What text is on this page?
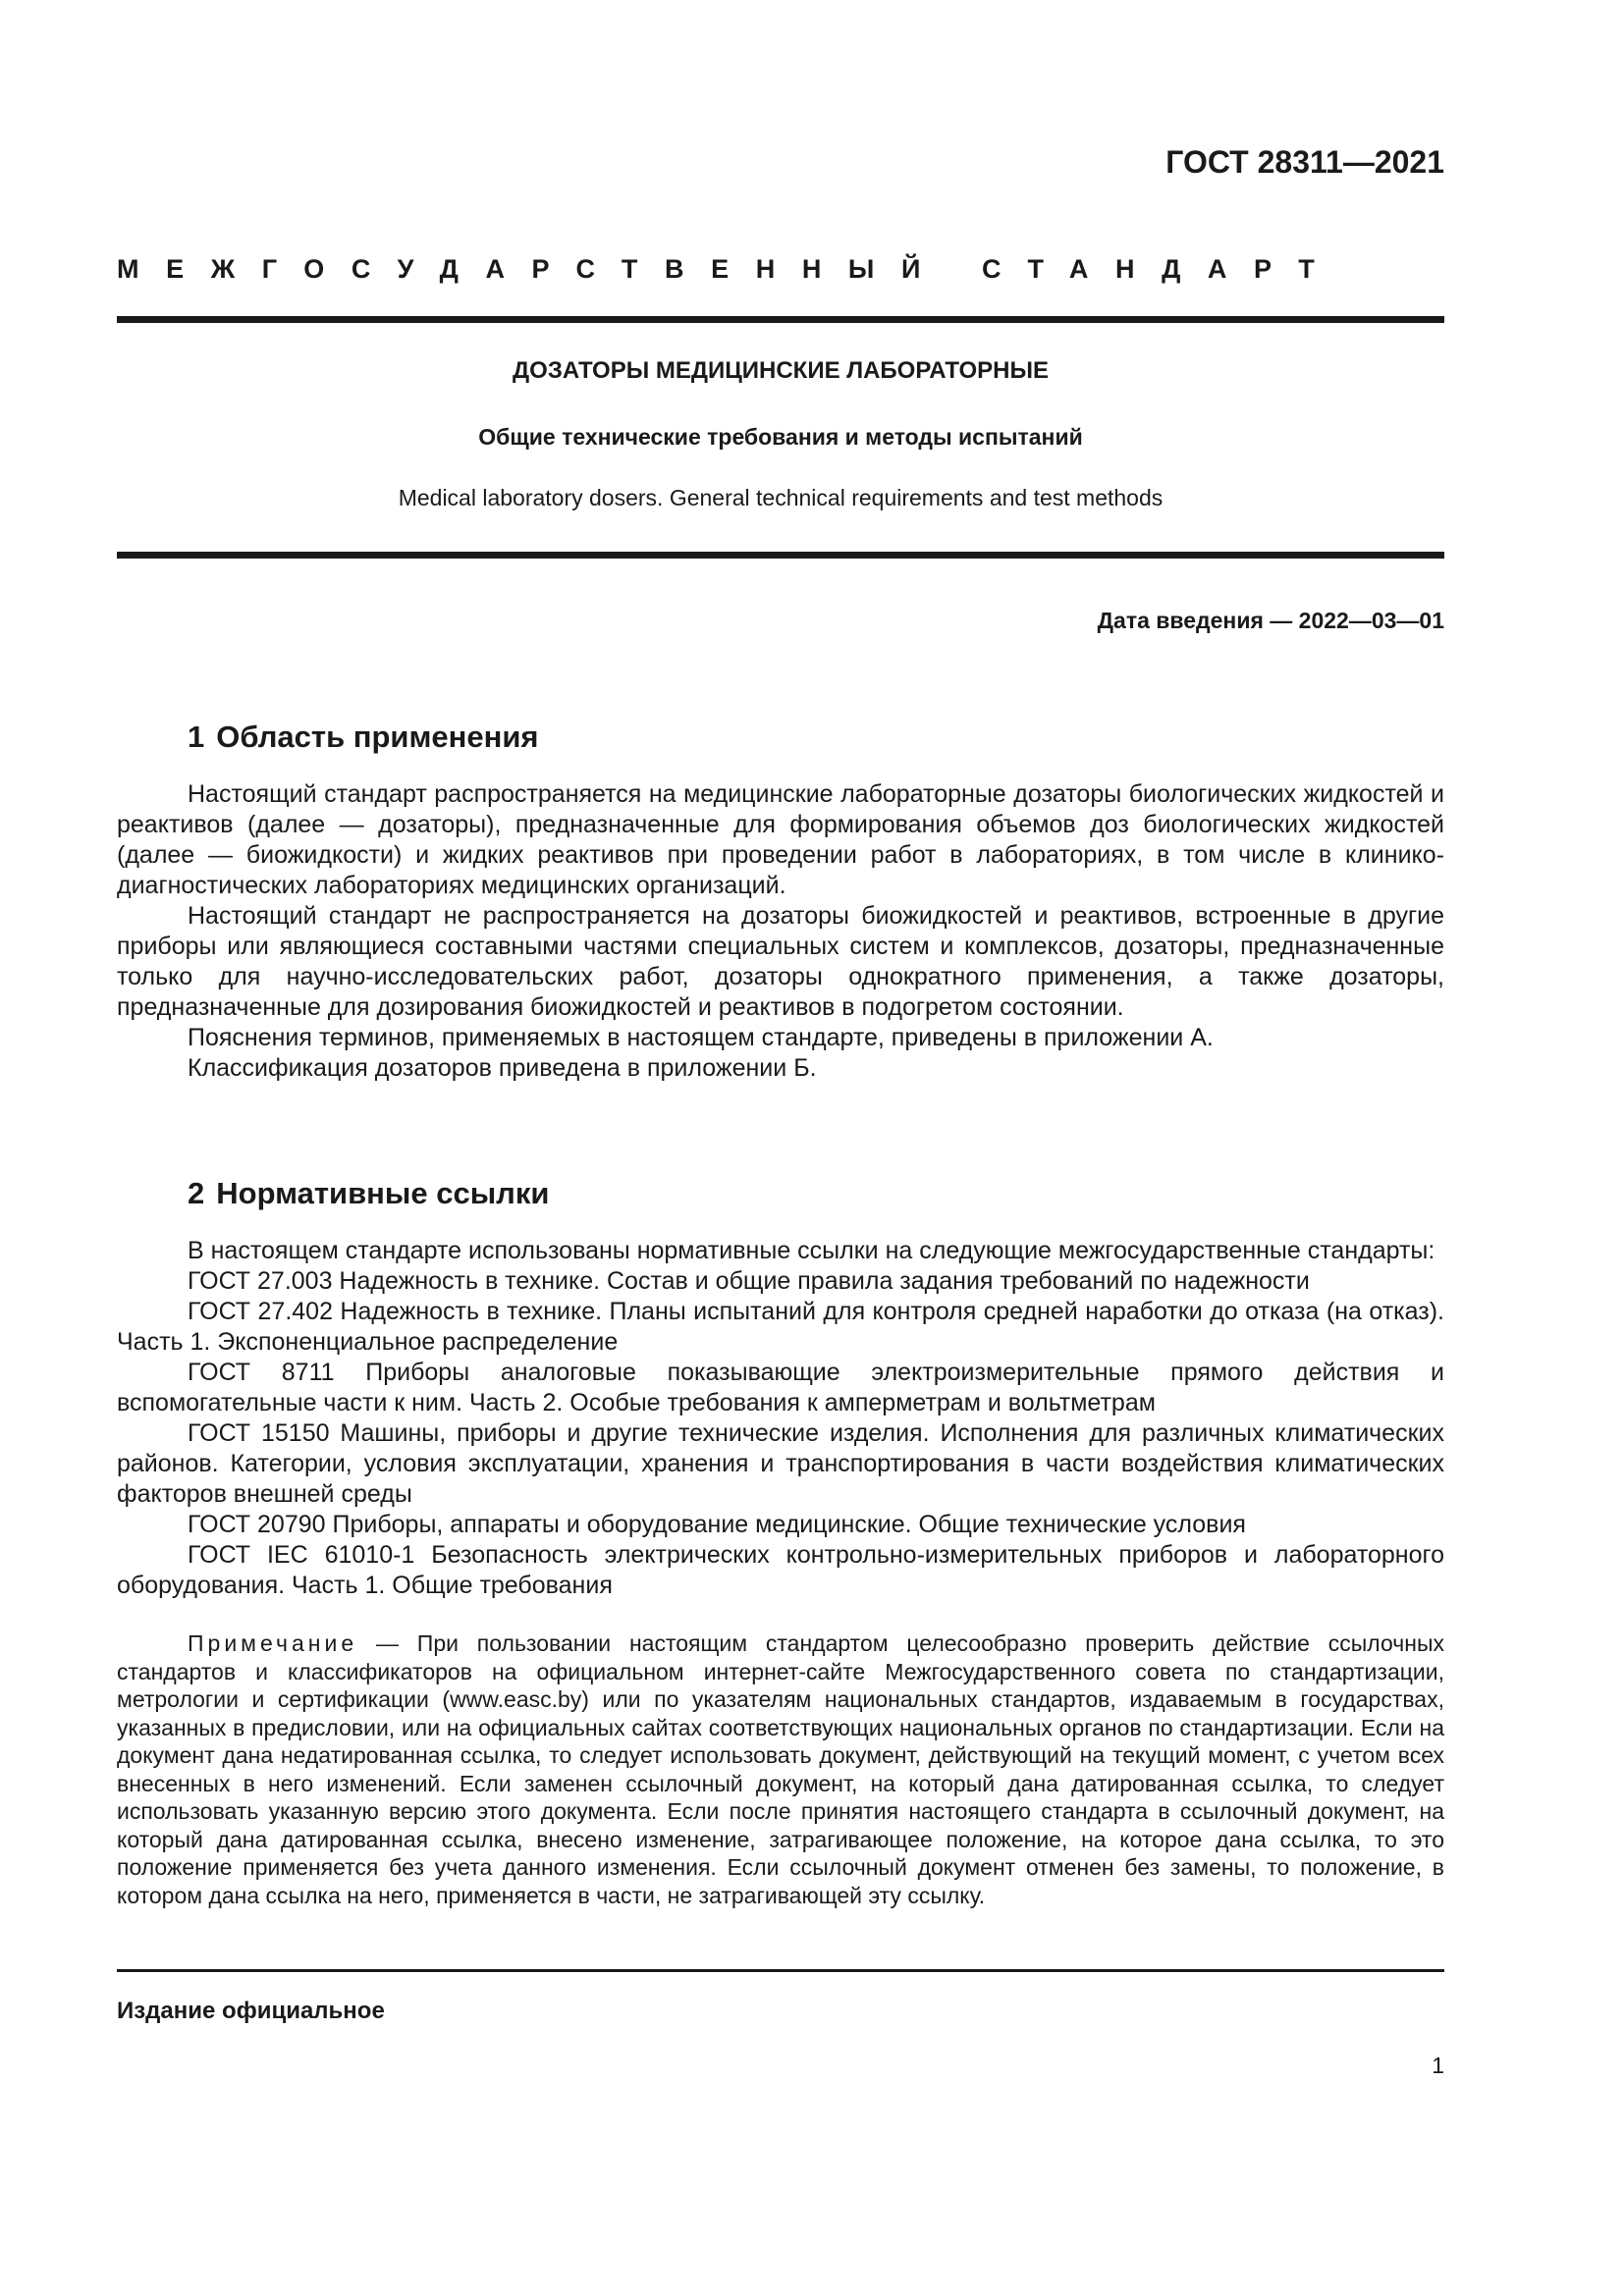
ГОСТ 28311—2021
МЕЖГОСУДАРСТВЕННЫЙ СТАНДАРТ
ДОЗАТОРЫ МЕДИЦИНСКИЕ ЛАБОРАТОРНЫЕ
Общие технические требования и методы испытаний
Medical laboratory dosers. General technical requirements and test methods
Дата введения — 2022—03—01
1 Область применения

Настоящий стандарт распространяется на медицинские лабораторные дозаторы биологических жидкостей и реактивов (далее — дозаторы), предназначенные для формирования объемов доз биологических жидкостей (далее — биожидкости) и жидких реактивов при проведении работ в лабораториях, в том числе в клинико-диагностических лабораториях медицинских организаций.

Настоящий стандарт не распространяется на дозаторы биожидкостей и реактивов, встроенные в другие приборы или являющиеся составными частями специальных систем и комплексов, дозаторы, предназначенные только для научно-исследовательских работ, дозаторы однократного применения, а также дозаторы, предназначенные для дозирования биожидкостей и реактивов в подогретом состоянии.

Пояснения терминов, применяемых в настоящем стандарте, приведены в приложении А.

Классификация дозаторов приведена в приложении Б.

2 Нормативные ссылки

В настоящем стандарте использованы нормативные ссылки на следующие межгосударственные стандарты:

ГОСТ 27.003 Надежность в технике. Состав и общие правила задания требований по надежности

ГОСТ 27.402 Надежность в технике. Планы испытаний для контроля средней наработки до отказа (на отказ). Часть 1. Экспоненциальное распределение

ГОСТ 8711 Приборы аналоговые показывающие электроизмерительные прямого действия и вспомогательные части к ним. Часть 2. Особые требования к амперметрам и вольтметрам

ГОСТ 15150 Машины, приборы и другие технические изделия. Исполнения для различных климатических районов. Категории, условия эксплуатации, хранения и транспортирования в части воздействия климатических факторов внешней среды

ГОСТ 20790 Приборы, аппараты и оборудование медицинские. Общие технические условия

ГОСТ IEC 61010-1 Безопасность электрических контрольно-измерительных приборов и лабораторного оборудования. Часть 1. Общие требования

Примечание — При пользовании настоящим стандартом целесообразно проверить действие ссылочных стандартов и классификаторов на официальном интернет-сайте Межгосударственного совета по стандартизации, метрологии и сертификации (www.easc.by) или по указателям национальных стандартов, издаваемым в государствах, указанных в предисловии, или на официальных сайтах соответствующих национальных органов по стандартизации. Если на документ дана недатированная ссылка, то следует использовать документ, действующий на текущий момент, с учетом всех внесенных в него изменений. Если заменен ссылочный документ, на который дана датированная ссылка, то следует использовать указанную версию этого документа. Если после принятия настоящего стандарта в ссылочный документ, на который дана датированная ссылка, внесено изменение, затрагивающее положение, на которое дана ссылка, то это положение применяется без учета данного изменения. Если ссылочный документ отменен без замены, то положение, в котором дана ссылка на него, применяется в части, не затрагивающей эту ссылку.

Издание официальное
1
